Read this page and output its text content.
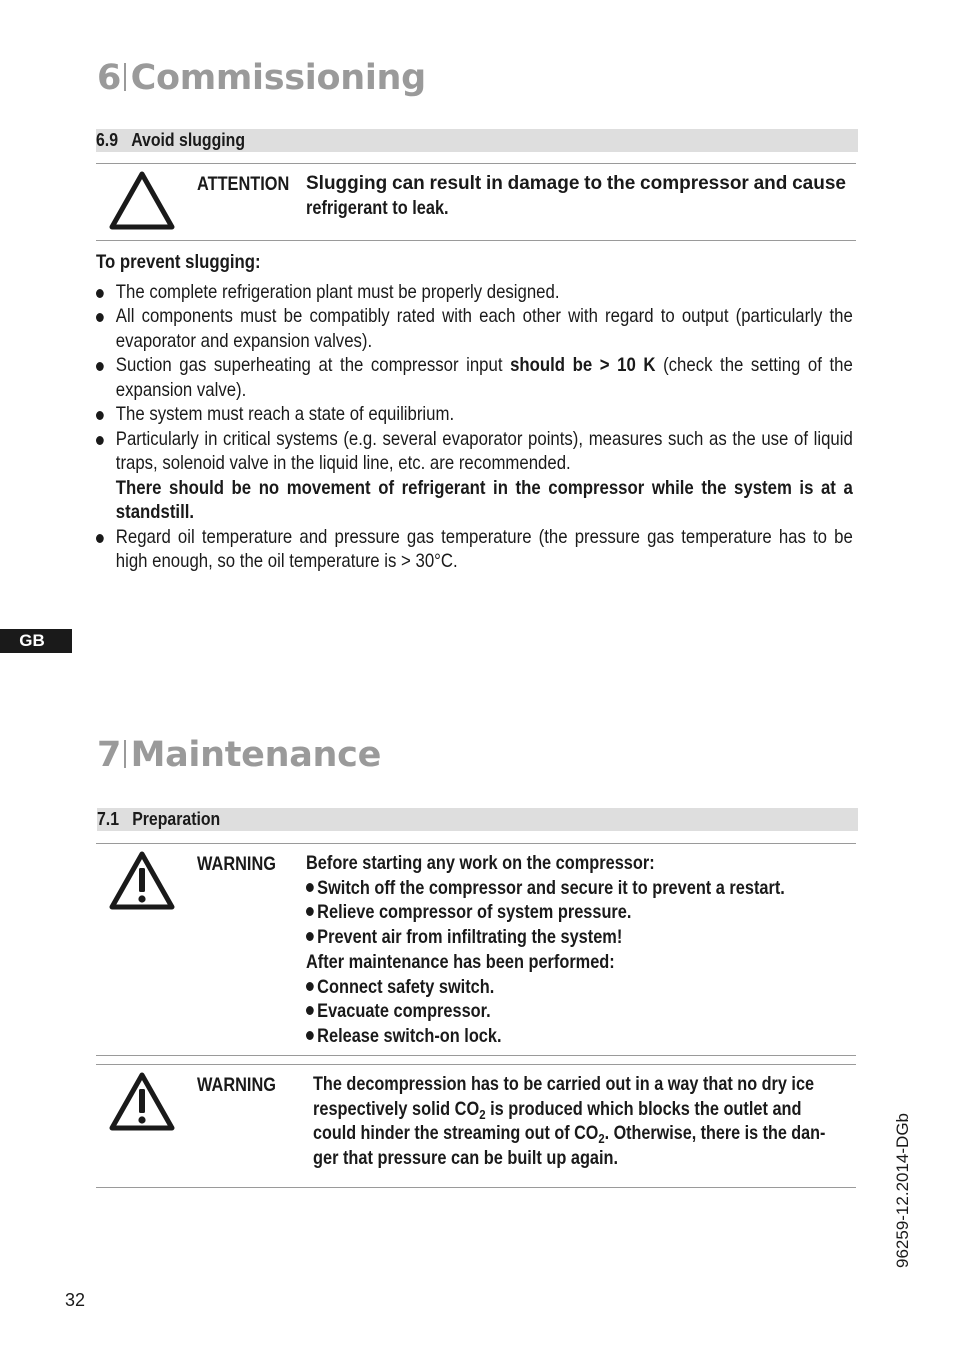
6 Commissioning
6.9 Avoid slugging
ATTENTION Slugging can result in damage to the compressor and cause
refrigerant to leak.
To prevent slugging:
The complete refrigeration plant must be properly designed.
All components must be compatibly rated with each other with regard to output (particularly the evaporator and expansion valves).
Suction gas superheating at the compressor input should be > 10 K (check the setting of the expansion valve).
The system must reach a state of equilibrium.
Particularly in critical systems (e.g. several evaporator points), measures such as the use of liquid traps, solenoid valve in the liquid line, etc. are recommended.
There should be no movement of refrigerant in the compressor while the system is at a standstill.
Regard oil temperature and pressure gas temperature (the pressure gas temperature has to be high enough, so the oil temperature is > 30°C.
GB
7 Maintenance
7.1 Preparation
WARNING	Before starting any work on the compressor:
Switch off the compressor and secure it to prevent a restart.
Relieve compressor of system pressure.
Prevent air from infiltrating the system!
After maintenance has been performed:
Connect safety switch.
Evacuate compressor.
Release switch-on lock.
WARNING	The decompression has to be carried out in a way that no dry ice
respectively solid $CO_2$ is produced which blocks the outlet and
could hinder the streaming out of $CO_2$. Otherwise, there is the dan-
ger that pressure can be built up again.	96259-12.2014-DGb
32
